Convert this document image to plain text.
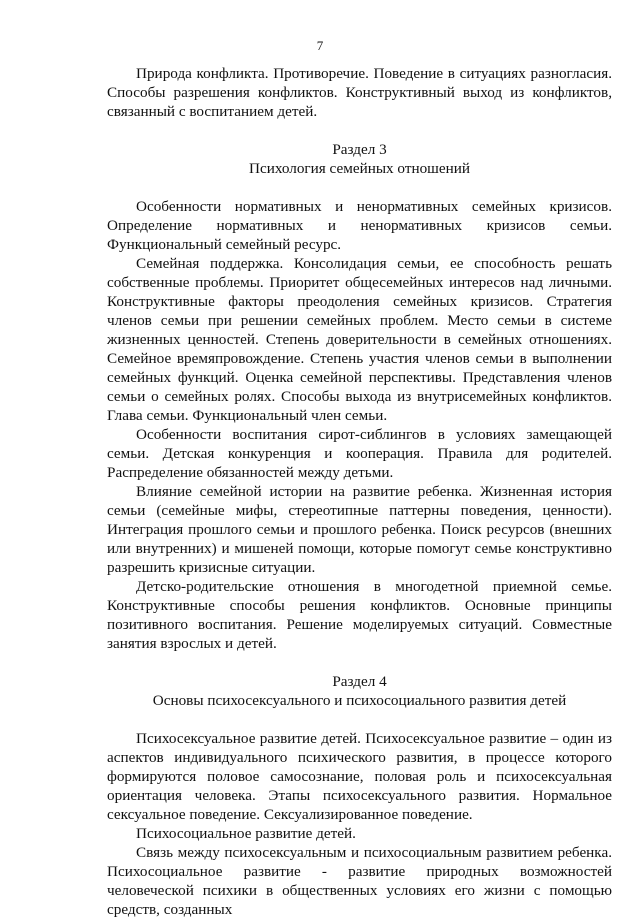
7

Природа конфликта. Противоречие. Поведение в ситуациях разногласия. Способы разрешения конфликтов. Конструктивный выход из конфликтов, связанный с воспитанием детей.

Раздел 3

Психология семейных отношений

Особенности нормативных и ненормативных семейных кризисов. Определение нормативных и ненормативных кризисов семьи. Функциональный семейный ресурс.

Семейная поддержка. Консолидация семьи, ее способность решать собственные проблемы. Приоритет общесемейных интересов над личными. Конструктивные факторы преодоления семейных кризисов. Стратегия членов семьи при решении семейных проблем. Место семьи в системе жизненных ценностей. Степень доверительности в семейных отношениях. Семейное времяпровождение. Степень участия членов семьи в выполнении семейных функций. Оценка семейной перспективы. Представления членов семьи о семейных ролях. Способы выхода из внутрисемейных конфликтов. Глава семьи. Функциональный член семьи.

Особенности воспитания сирот-сиблингов в условиях замещающей семьи. Детская конкуренция и кооперация. Правила для родителей. Распределение обязанностей между детьми.

Влияние семейной истории на развитие ребенка. Жизненная история семьи (семейные мифы, стереотипные паттерны поведения, ценности). Интеграция прошлого семьи и прошлого ребенка. Поиск ресурсов (внешних или внутренних) и мишеней помощи, которые помогут семье конструктивно разрешить кризисные ситуации.

Детско-родительские отношения в многодетной приемной семье. Конструктивные способы решения конфликтов. Основные принципы позитивного воспитания. Решение моделируемых ситуаций. Совместные занятия взрослых и детей.

Раздел 4

Основы психосексуального и психосоциального развития детей

Психосексуальное развитие детей. Психосексуальное развитие – один из аспектов индивидуального психического развития, в процессе которого формируются половое самосознание, половая роль и психосексуальная ориентация человека. Этапы психосексуального развития. Нормальное сексуальное поведение. Сексуализированное поведение.

Психосоциальное развитие детей.

Связь между психосексуальным и психосоциальным развитием ребенка. Психосоциальное развитие - развитие природных возможностей человеческой психики в общественных условиях его жизни с помощью средств, созданных
